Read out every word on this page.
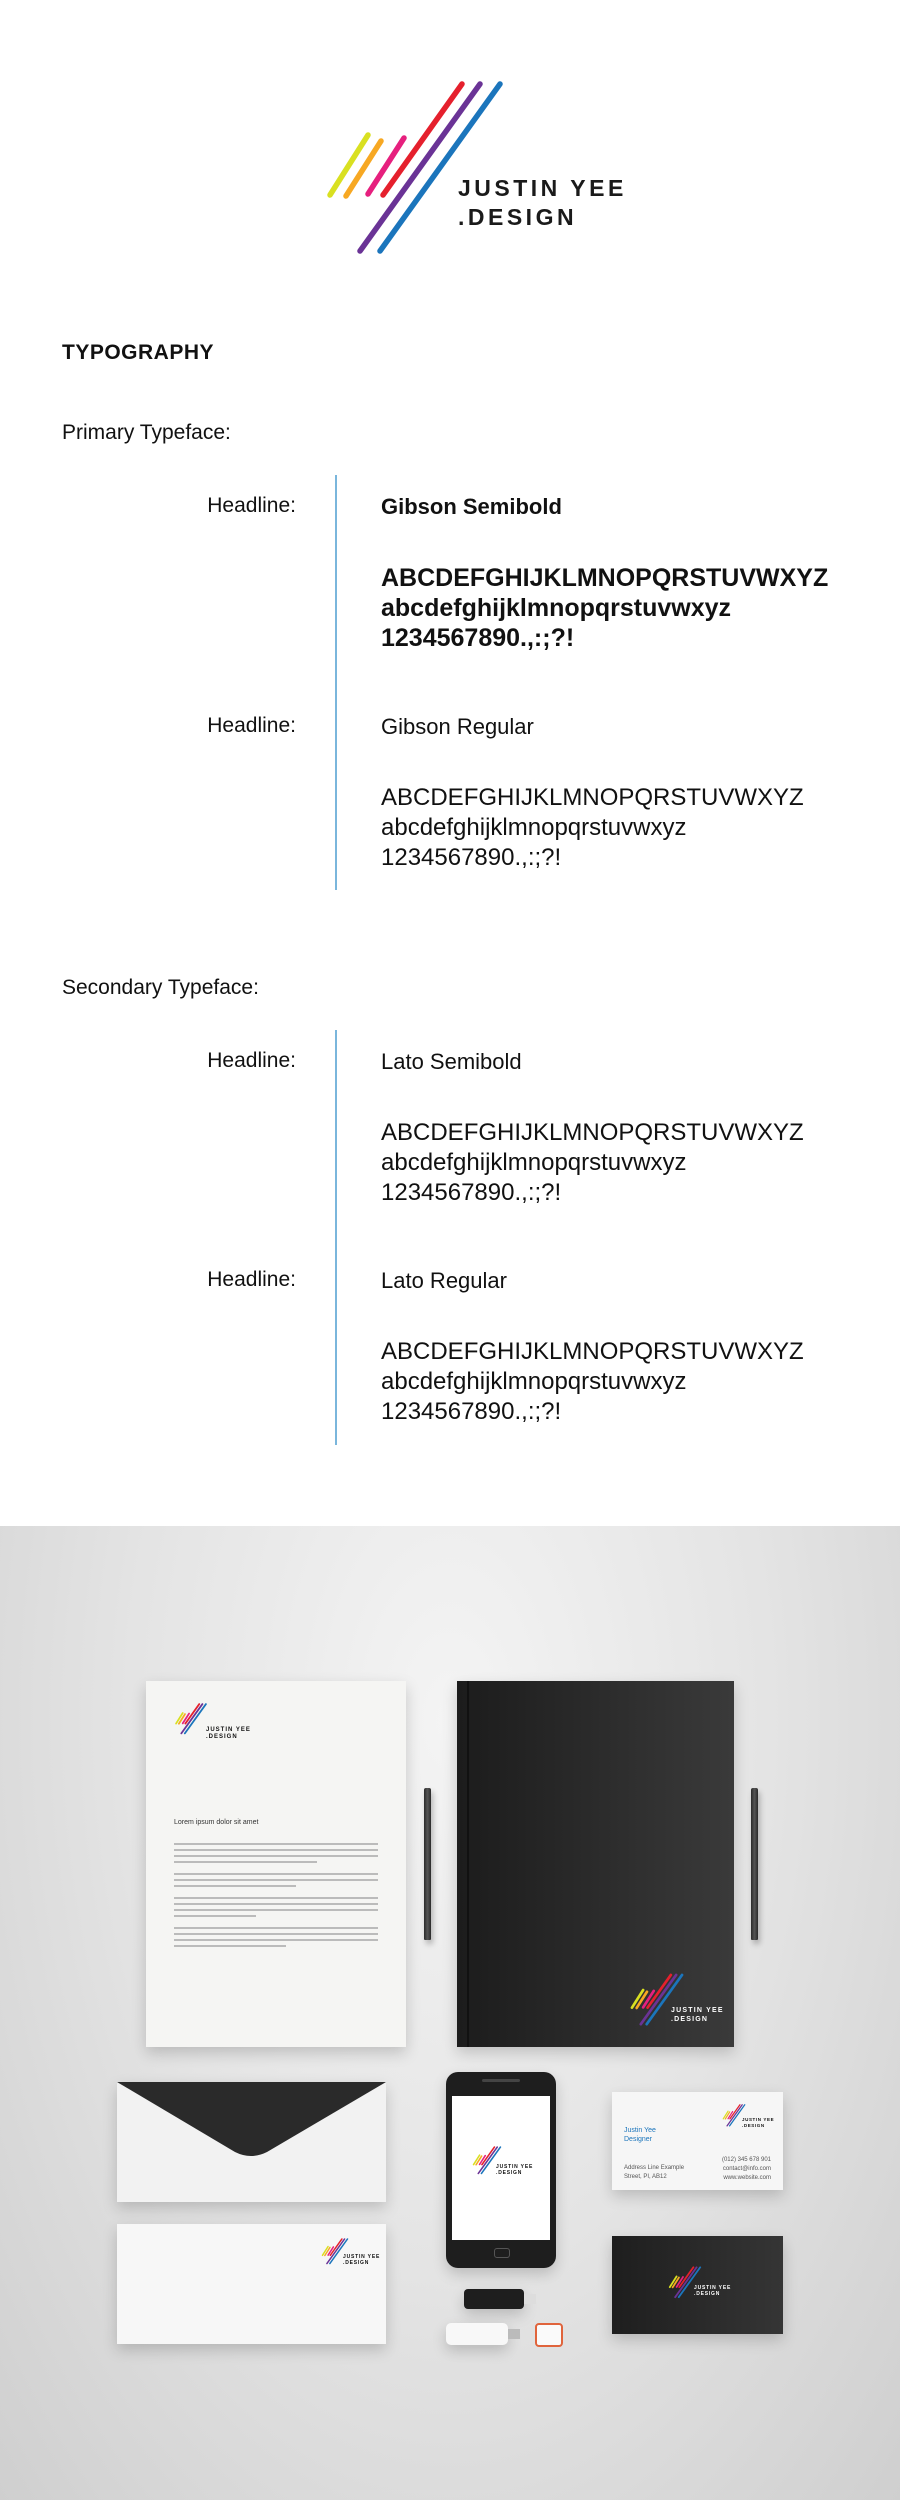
JUSTIN YEE
.DESIGN
TYPOGRAPHY
Primary Typeface:
Headline:	Gibson Semibold
ABCDEFGHIJKLMNOPQRSTUVWXYZ
abcdefghijklmnopqrstuvwxyz
1234567890.,:;?!
Headline:	Gibson Regular
ABCDEFGHIJKLMNOPQRSTUVWXYZ
abcdefghijklmnopqrstuvwxyz
1234567890.,:;?!
Secondary Typeface:
Headline:	Lato Semibold
ABCDEFGHIJKLMNOPQRSTUVWXYZ
abcdefghijklmnopqrstuvwxyz
1234567890.,:;?!
Headline:	Lato Regular
ABCDEFGHIJKLMNOPQRSTUVWXYZ
abcdefghijklmnopqrstuvwxyz
1234567890.,:;?!
JUSTIN YEE
.DESIGN
Lorem ipsum dolor sit amet
JUSTIN YEE
.DESIGN
JUSTIN YEE
.DESIGN
JUSTIN YEE
.DESIGN
JUSTIN YEE
.DESIGN
Justin Yee
Designer
Address Line Example
Street, PI, AB12
(012) 345 678 901
contact@info.com
www.website.com
JUSTIN YEE
.DESIGN
